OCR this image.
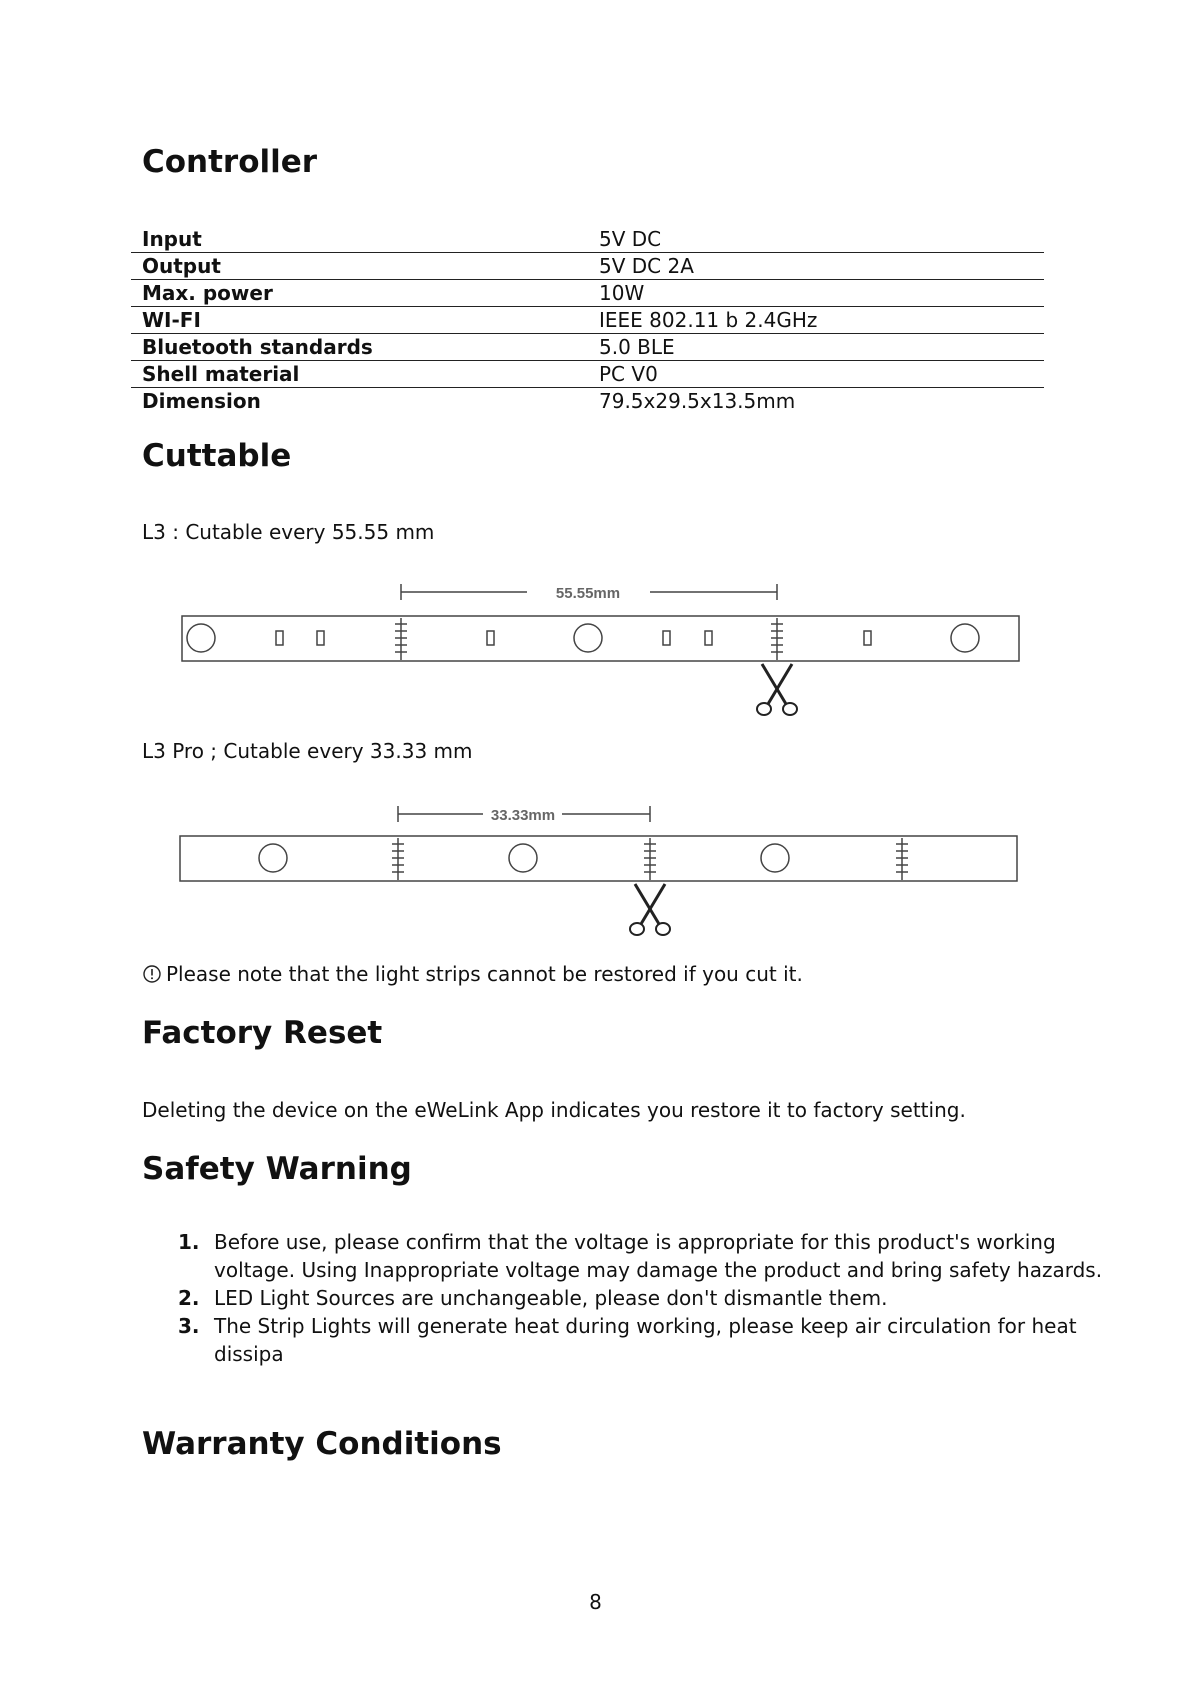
Controller
Input	5V DC
Output	5V DC 2A
Max. power	10W
WI-FI	IEEE 802.11 b 2.4GHz
Bluetooth standards	5.0 BLE
Shell material	PC V0
Dimension	79.5x29.5x13.5mm
Cuttable

L3 : Cutable every 55.55 mm

55.55mm

L3 Pro ; Cutable every 33.33 mm

33.33mm
Please note that the light strips cannot be restored if you cut it.
Factory Reset

Deleting the device on the eWeLink App indicates you restore it to factory setting.

Safety Warning
Before use, please confirm that the voltage is appropriate for this product's working voltage. Using Inappropriate voltage may damage the product and bring safety hazards.
LED Light Sources are unchangeable, please don't dismantle them.
The Strip Lights will generate heat during working, please keep air circulation for heat dissipa
Warranty Conditions
8
